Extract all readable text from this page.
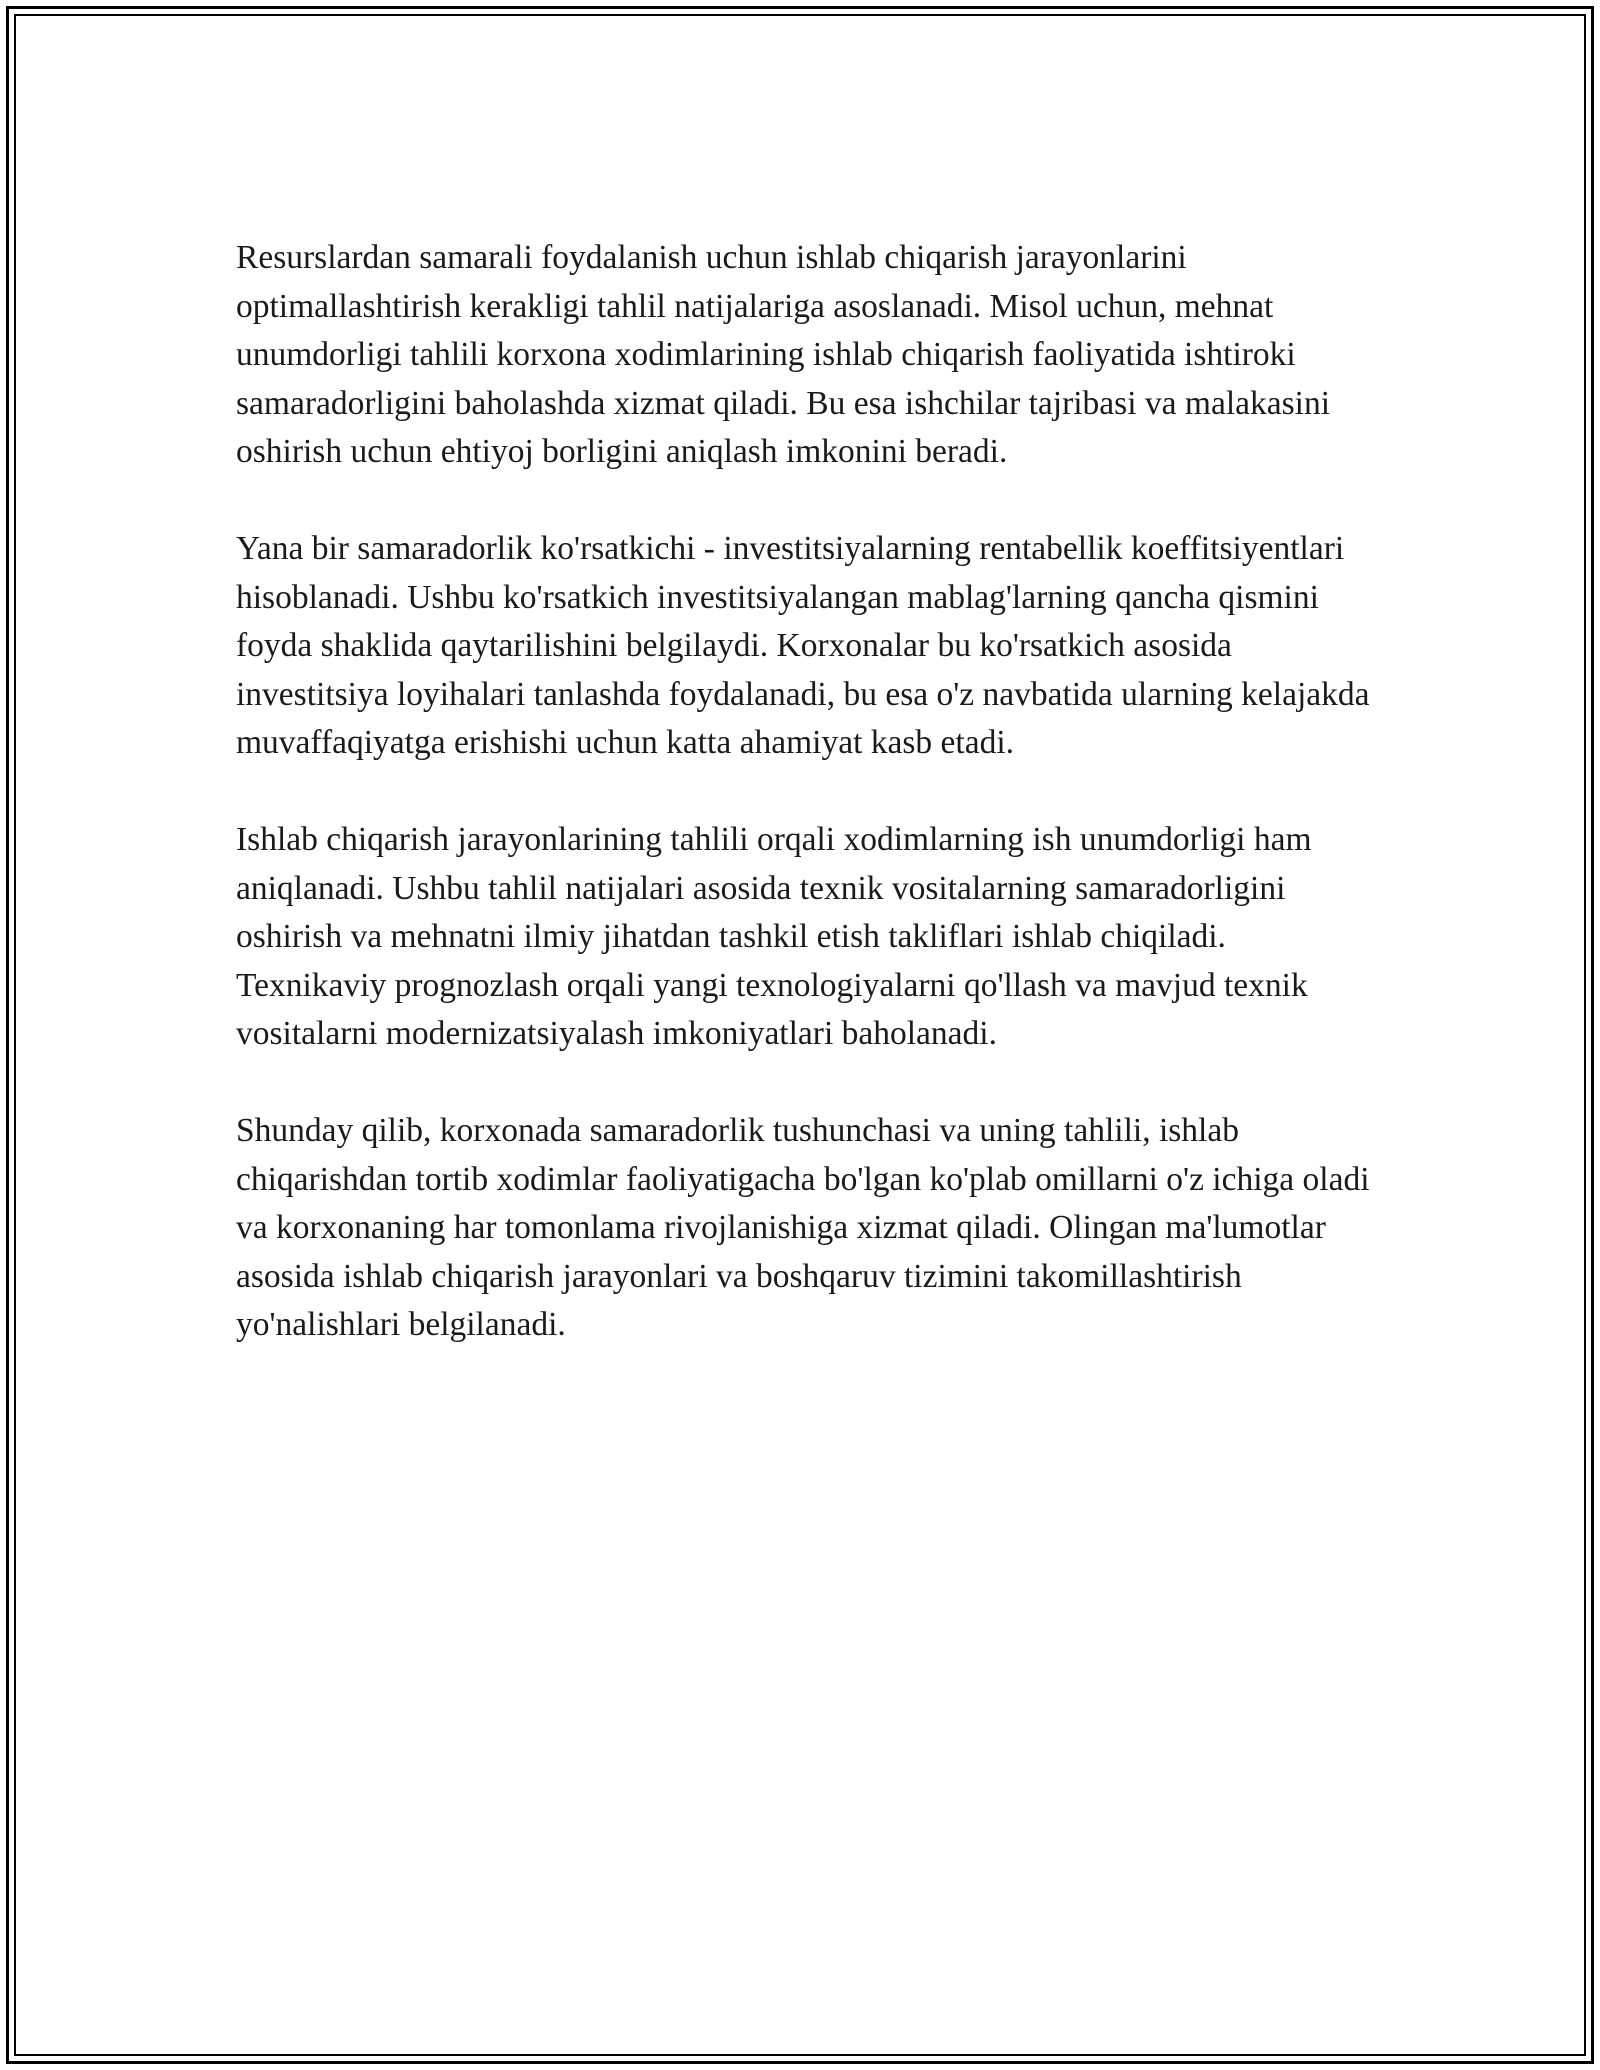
Resurslardan samarali foydalanish uchun ishlab chiqarish jarayonlarini optimallashtirish kerakligi tahlil natijalariga asoslanadi. Misol uchun, mehnat unumdorligi tahlili korxona xodimlarining ishlab chiqarish faoliyatida ishtiroki samaradorligini baholashda xizmat qiladi. Bu esa ishchilar tajribasi va malakasini oshirish uchun ehtiyoj borligini aniqlash imkonini beradi.

Yana bir samaradorlik ko'rsatkichi - investitsiyalarning rentabellik koeffitsiyentlari hisoblanadi. Ushbu ko'rsatkich investitsiyalangan mablag'larning qancha qismini foyda shaklida qaytarilishini belgilaydi. Korxonalar bu ko'rsatkich asosida investitsiya loyihalari tanlashda foydalanadi, bu esa o'z navbatida ularning kelajakda muvaffaqiyatga erishishi uchun katta ahamiyat kasb etadi.

Ishlab chiqarish jarayonlarining tahlili orqali xodimlarning ish unumdorligi ham aniqlanadi. Ushbu tahlil natijalari asosida texnik vositalarning samaradorligini oshirish va mehnatni ilmiy jihatdan tashkil etish takliflari ishlab chiqiladi. Texnikaviy prognozlash orqali yangi texnologiyalarni qo'llash va mavjud texnik vositalarni modernizatsiyalash imkoniyatlari baholanadi.

Shunday qilib, korxonada samaradorlik tushunchasi va uning tahlili, ishlab chiqarishdan tortib xodimlar faoliyatigacha bo'lgan ko'plab omillarni o'z ichiga oladi va korxonaning har tomonlama rivojlanishiga xizmat qiladi. Olingan ma'lumotlar asosida ishlab chiqarish jarayonlari va boshqaruv tizimini takomillashtirish yo'nalishlari belgilanadi.
